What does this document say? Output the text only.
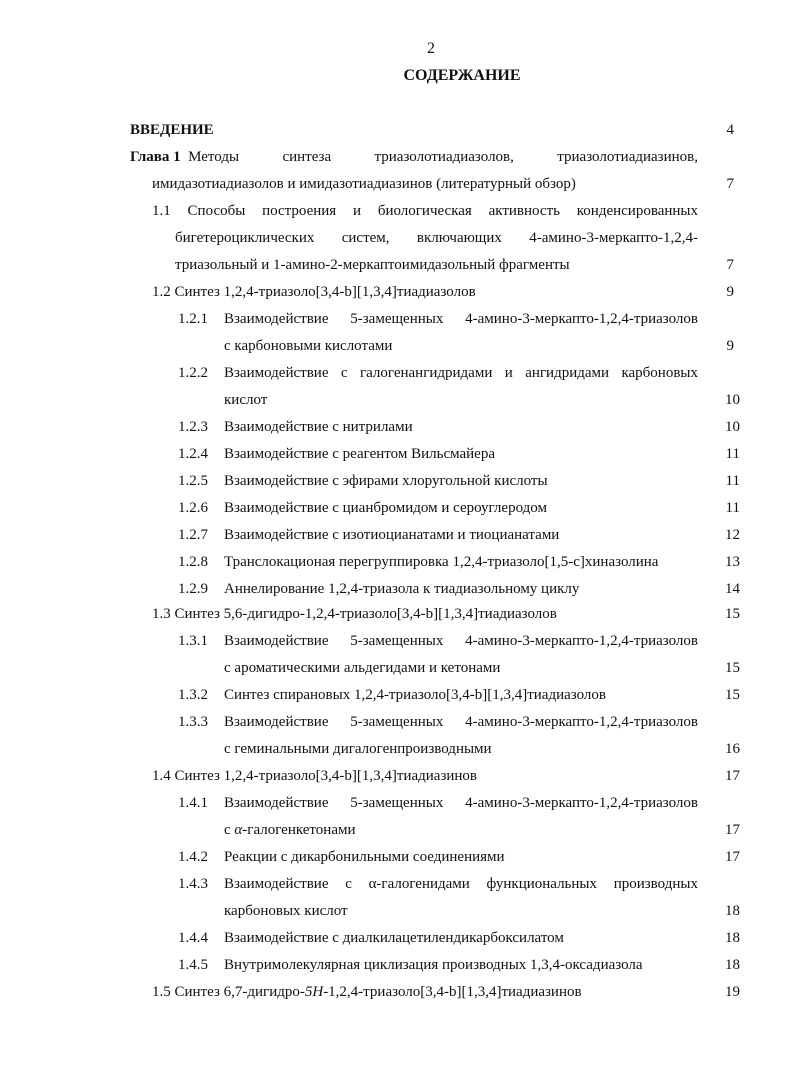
2
СОДЕРЖАНИЕ
ВВЕДЕНИЕ	4
Глава 1 Методы	синтеза	триазолотиадиазолов,	триазолотиадиазинов,
имидазотиадиазолов и имидазотиадиазинов (литературный обзор)	7
1.1 Способы построения и биологическая активность конденсированных
бигетероциклических систем, включающих 4-амино-3-меркапто-1,2,4-
триазольный и 1-амино-2-меркаптоимидазольный фрагменты	7
1.2 Синтез 1,2,4-триазоло[3,4-b][1,3,4]тиадиазолов	9
1.2.1 Взаимодействие 5-замещенных 4-амино-3-меркапто-1,2,4-триазолов
с карбоновыми кислотами	9
1.2.2 Взаимодействие с галогенангидридами и ангидридами карбоновых
кислот	10
1.2.3 Взаимодействие с нитрилами	10
1.2.4 Взаимодействие с реагентом Вильсмайера	11
1.2.5 Взаимодействие с эфирами хлоругольной кислоты	11
1.2.6 Взаимодействие с цианбромидом и сероуглеродом	11
1.2.7 Взаимодействие с изотиоцианатами и тиоцианатами	12
1.2.8 Транслокационая перегруппировка 1,2,4-триазоло[1,5-c]хиназолина	13
1.2.9 Аннелирование 1,2,4-триазола к тиадиазольному циклу	14
1.3 Синтез 5,6-дигидро-1,2,4-триазоло[3,4-b][1,3,4]тиадиазолов	15
1.3.1 Взаимодействие 5-замещенных 4-амино-3-меркапто-1,2,4-триазолов
с ароматическими альдегидами и кетонами	15
1.3.2 Синтез спирановых 1,2,4-триазоло[3,4-b][1,3,4]тиадиазолов	15
1.3.3 Взаимодействие 5-замещенных 4-амино-3-меркапто-1,2,4-триазолов
с геминальными дигалогенпроизводными	16
1.4 Синтез 1,2,4-триазоло[3,4-b][1,3,4]тиадиазинов	17
1.4.1 Взаимодействие 5-замещенных 4-амино-3-меркапто-1,2,4-триазолов
с α-галогенкетонами	17
1.4.2 Реакции с дикарбонильными соединениями	17
1.4.3 Взаимодействие с α-галогенидами функциональных производных
карбоновых кислот	18
1.4.4 Взаимодействие с диалкилацетилендикарбоксилатом	18
1.4.5 Внутримолекулярная циклизация производных 1,3,4-оксадиазола	18
1.5 Синтез 6,7-дигидро-5H-1,2,4-триазоло[3,4-b][1,3,4]тиадиазинов	19
